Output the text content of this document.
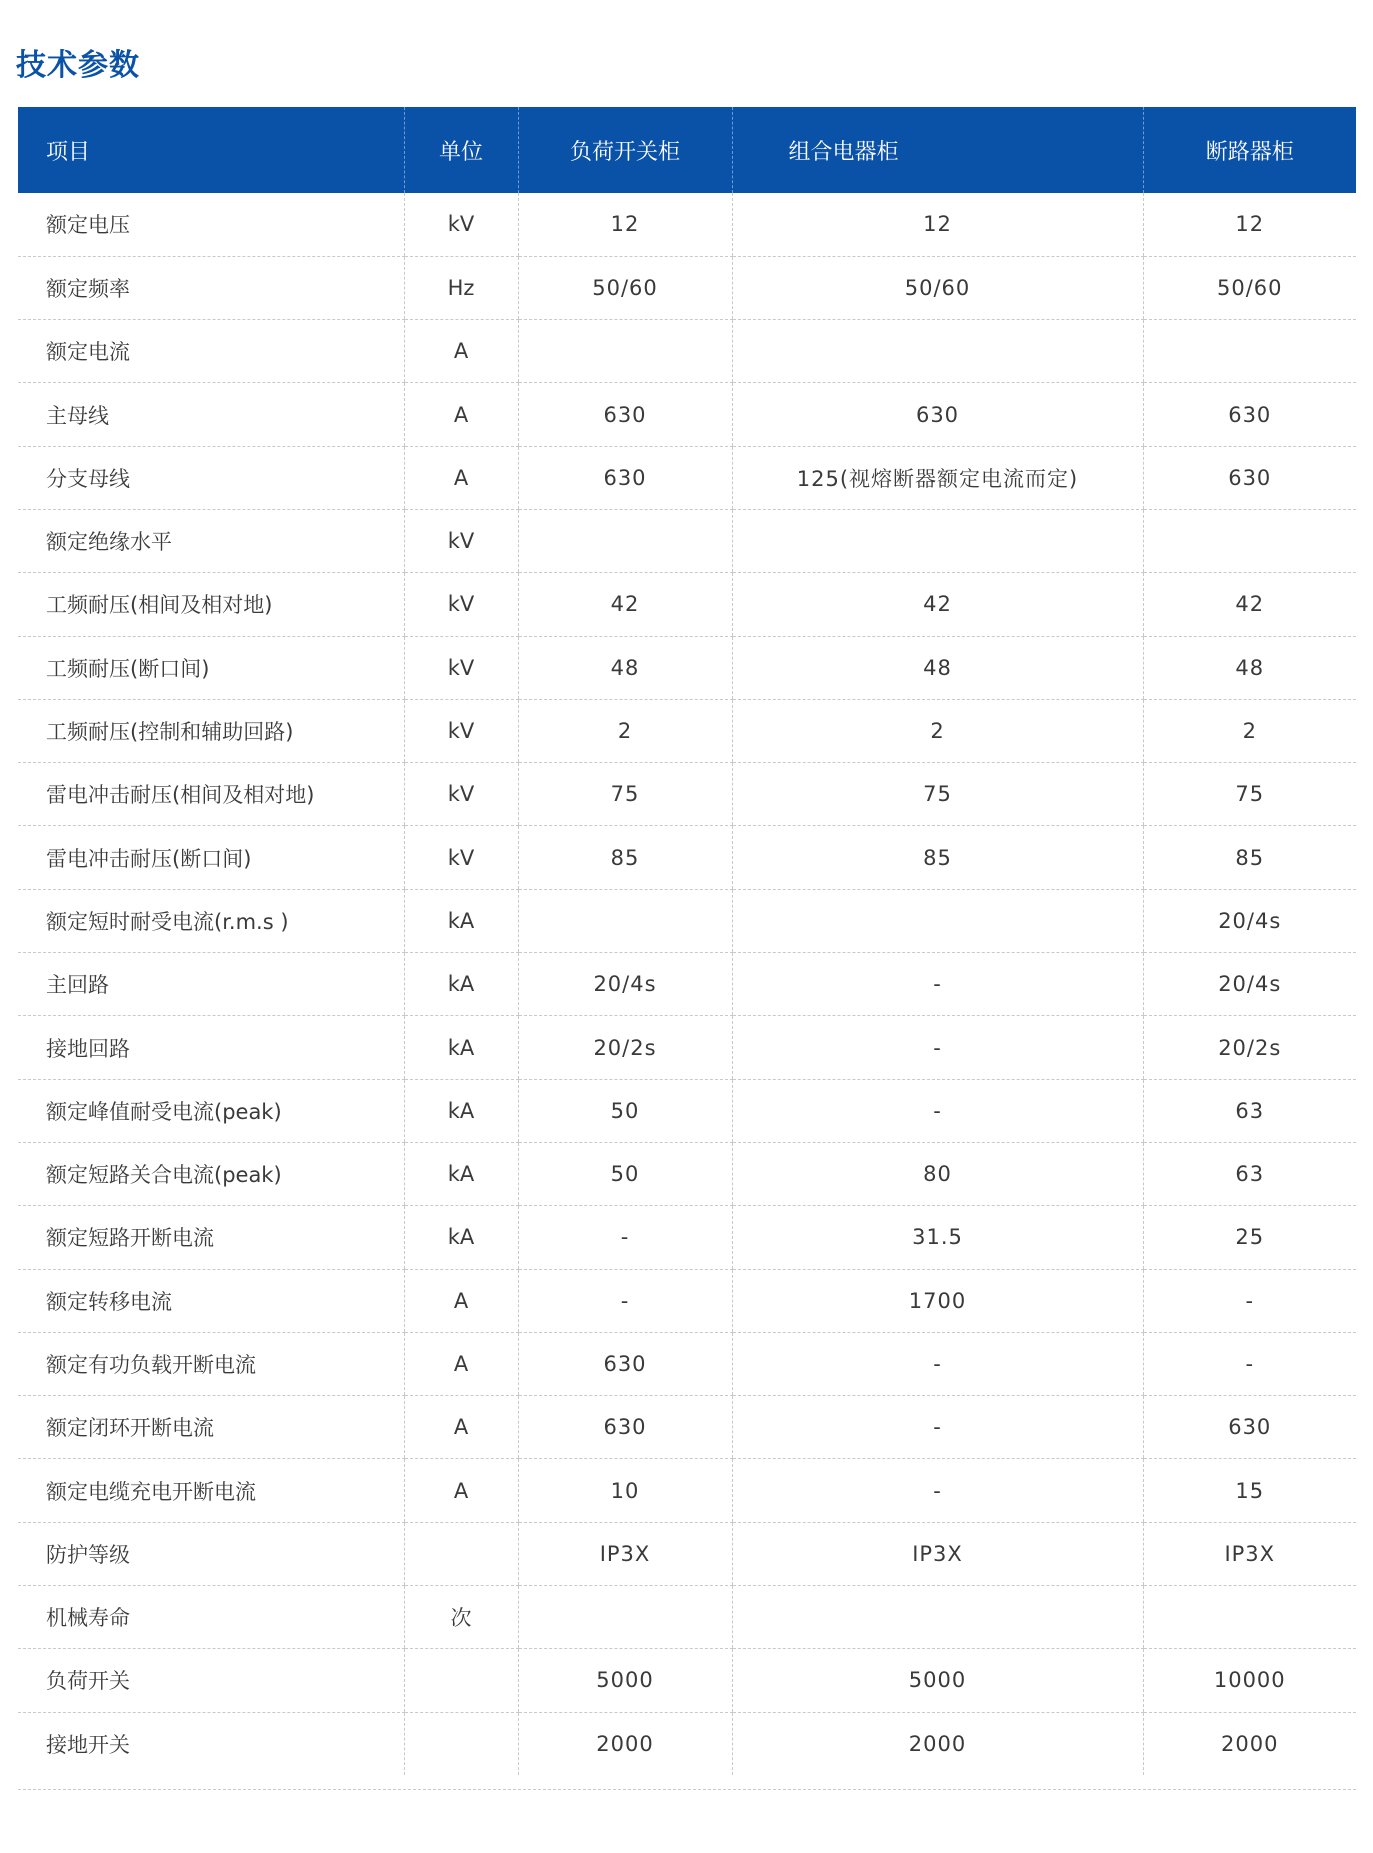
技术参数
项目	单位	负荷开关柜	组合电器柜	断路器柜
额定电压	kV	12	12	12
额定频率	Hz	50/60	50/60	50/60
额定电流	A			
主母线	A	630	630	630
分支母线	A	630	125(视熔断器额定电流而定)	630
额定绝缘水平	kV			
工频耐压(相间及相对地)	kV	42	42	42
工频耐压(断口间)	kV	48	48	48
工频耐压(控制和辅助回路)	kV	2	2	2
雷电冲击耐压(相间及相对地)	kV	75	75	75
雷电冲击耐压(断口间)	kV	85	85	85
额定短时耐受电流(r.m.s )	kA			20/4s
主回路	kA	20/4s	-	20/4s
接地回路	kA	20/2s	-	20/2s
额定峰值耐受电流(peak)	kA	50	-	63
额定短路关合电流(peak)	kA	50	80	63
额定短路开断电流	kA	-	31.5	25
额定转移电流	A	-	1700	-
额定有功负载开断电流	A	630	-	-
额定闭环开断电流	A	630	-	630
额定电缆充电开断电流	A	10	-	15
防护等级		IP3X	IP3X	IP3X
机械寿命	次			
负荷开关		5000	5000	10000
接地开关		2000	2000	2000
